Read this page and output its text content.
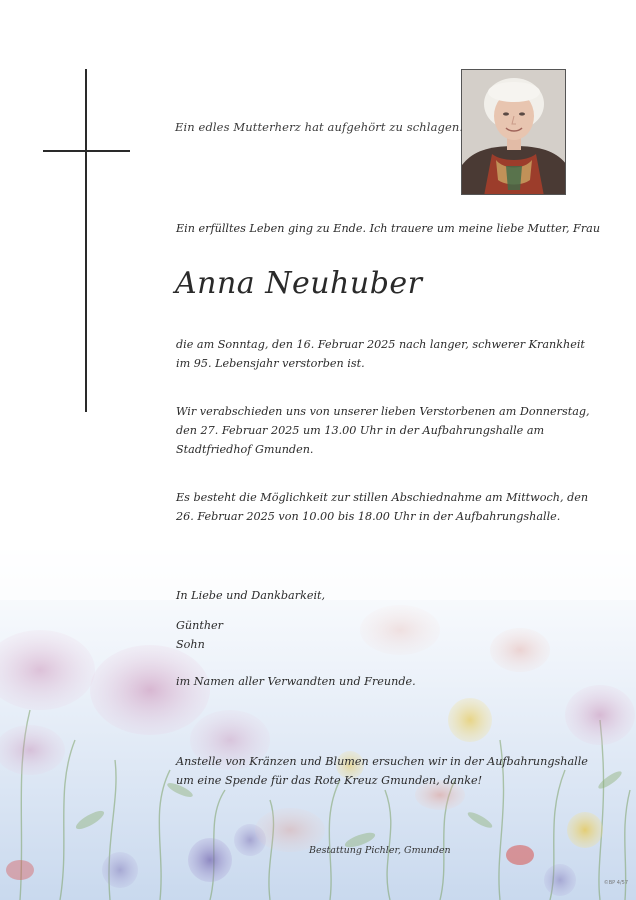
Ein edles Mutterherz hat aufgehört zu schlagen.
Ein erfülltes Leben ging zu Ende. Ich trauere um meine liebe Mutter, Frau
Anna Neuhuber
die am Sonntag, den 16. Februar 2025 nach langer, schwerer Krankheit
im 95. Lebensjahr verstorben ist.
Wir verabschieden uns von unserer lieben Verstorbenen am Donnerstag,
den 27. Februar 2025 um 13.00 Uhr in der Aufbahrungshalle am
Stadtfriedhof Gmunden.
Es besteht die Möglichkeit zur stillen Abschiednahme am Mittwoch, den
26. Februar 2025 von 10.00 bis 18.00 Uhr in der Aufbahrungshalle.
In Liebe und Dankbarkeit,
Günther
Sohn
im Namen aller Verwandten und Freunde.
Anstelle von Kränzen und Blumen ersuchen wir in der Aufbahrungshalle
um eine Spende für das Rote Kreuz Gmunden, danke!
Bestattung Pichler, Gmunden
©BP 4/57
